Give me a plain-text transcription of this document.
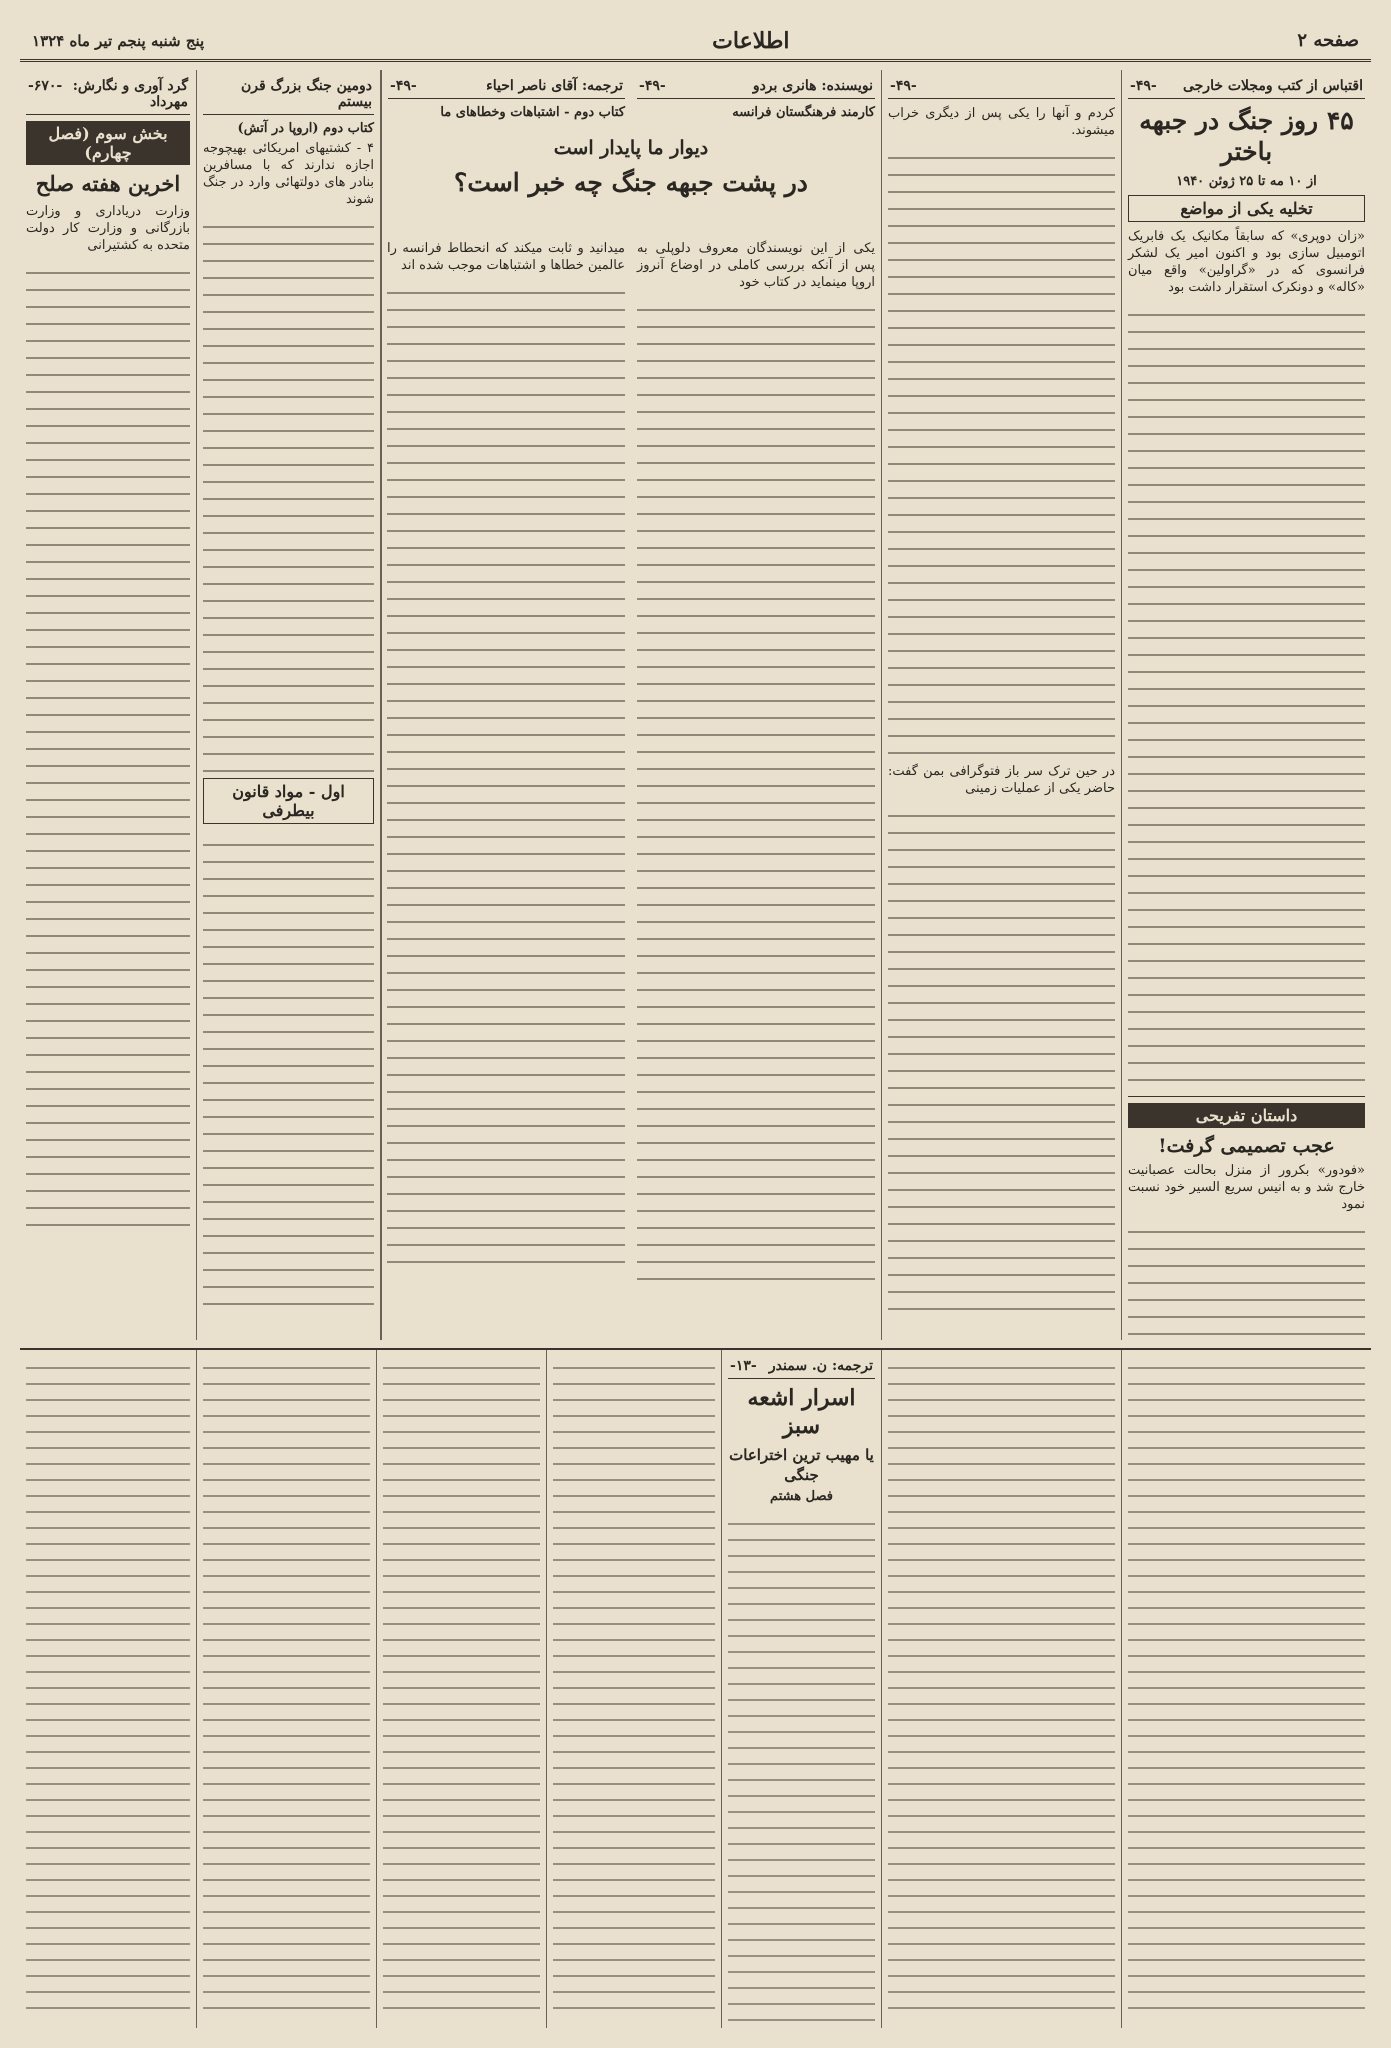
صفحه ۲
اطلاعات
پنج شنبه پنجم تیر ماه ۱۳۲۴
اقتباس از کتب ومجلات خارجی
-۴۹-
۴۵ روز جنگ در جبهه باختر
از ۱۰ مه تا ۲۵ ژوئن ۱۹۴۰
تخلیه یکی از مواضع
«زان دوپری» که سابقاً مکانیک یک فابریک اتومبیل سازی بود و اکنون امیر یک لشکر فرانسوی که در «گراولین» واقع میان «کاله» و دونکرک استقرار داشت بود
داستان تفریحی
عجب تصمیمی گرفت!
«فودور» بکرور از منزل بحالت عصبانیت خارج شد و به انیس سریع السیر خود نسبت نمود
-۴۹-
کردم و آنها را یکی پس از دیگری خراب میشوند.
در حین ترک سر باز فتوگرافی بمن گفت: حاضر یکی از عملیات زمینی
نویسنده: هانری بردو
-۴۹-
کارمند فرهنگستان فرانسه
ترجمه: آقای ناصر احیاء
-۴۹-
کتاب دوم - اشتباهات وخطاهای ما
دیوار ما پایدار است
در پشت جبهه جنگ چه خبر است؟
یکی از این نویسندگان معروف دلوپلی به پس از آنکه بررسی کاملی در اوضاع آنروز اروپا مینماید در کتاب خود
میدانید و ثابت میکند که انحطاط فرانسه را عالمین خطاها و اشتباهات موجب شده اند
دومین جنگ بزرگ قرن بیستم
کتاب دوم (اروپا در آتش)
۴ - کشتیهای امریکائی بهیچوجه اجازه ندارند که با مسافرین بنادر های دولتهائی وارد در جنگ شوند
اول - مواد قانون بیطرفی
گرد آوری و نگارش: مهرداد
-۶۷۰-
بخش سوم (فصل چهارم)
اخرین هفته صلح
وزارت دریاداری و وزارت بازرگانی و وزارت کار دولت متحده به کشتیرانی
ترجمه: ن. سمندر
-۱۳-
اسرار اشعه سبز
یا مهیب ترین اختراعات جنگی
فصل هشتم
